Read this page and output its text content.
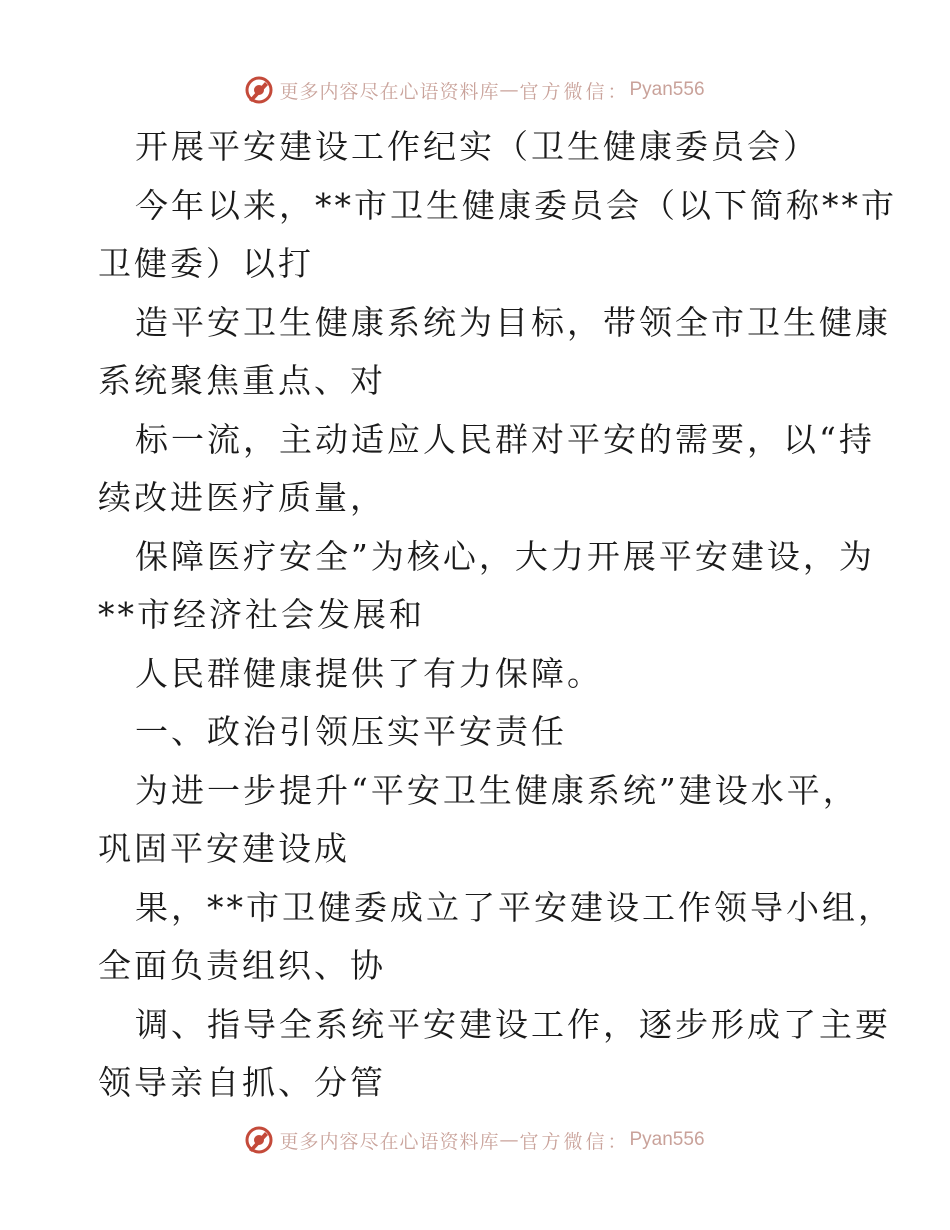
更多内容尽在心语资料库 — 官方微信： Pyan556
开展平安建设工作纪实（卫生健康委员会）
今年以来，**市卫生健康委员会（以下简称**市
卫健委）以打
造平安卫生健康系统为目标，带领全市卫生健康
系统聚焦重点、对
标一流，主动适应人民群对平安的需要，以“持
续改进医疗质量，
保障医疗安全”为核心，大力开展平安建设，为
**市经济社会发展和
人民群健康提供了有力保障。
一、政治引领压实平安责任
为进一步提升“平安卫生健康系统”建设水平，
巩固平安建设成
果，**市卫健委成立了平安建设工作领导小组，
全面负责组织、协
调、指导全系统平安建设工作，逐步形成了主要
领导亲自抓、分管
更多内容尽在心语资料库 — 官方微信： Pyan556
